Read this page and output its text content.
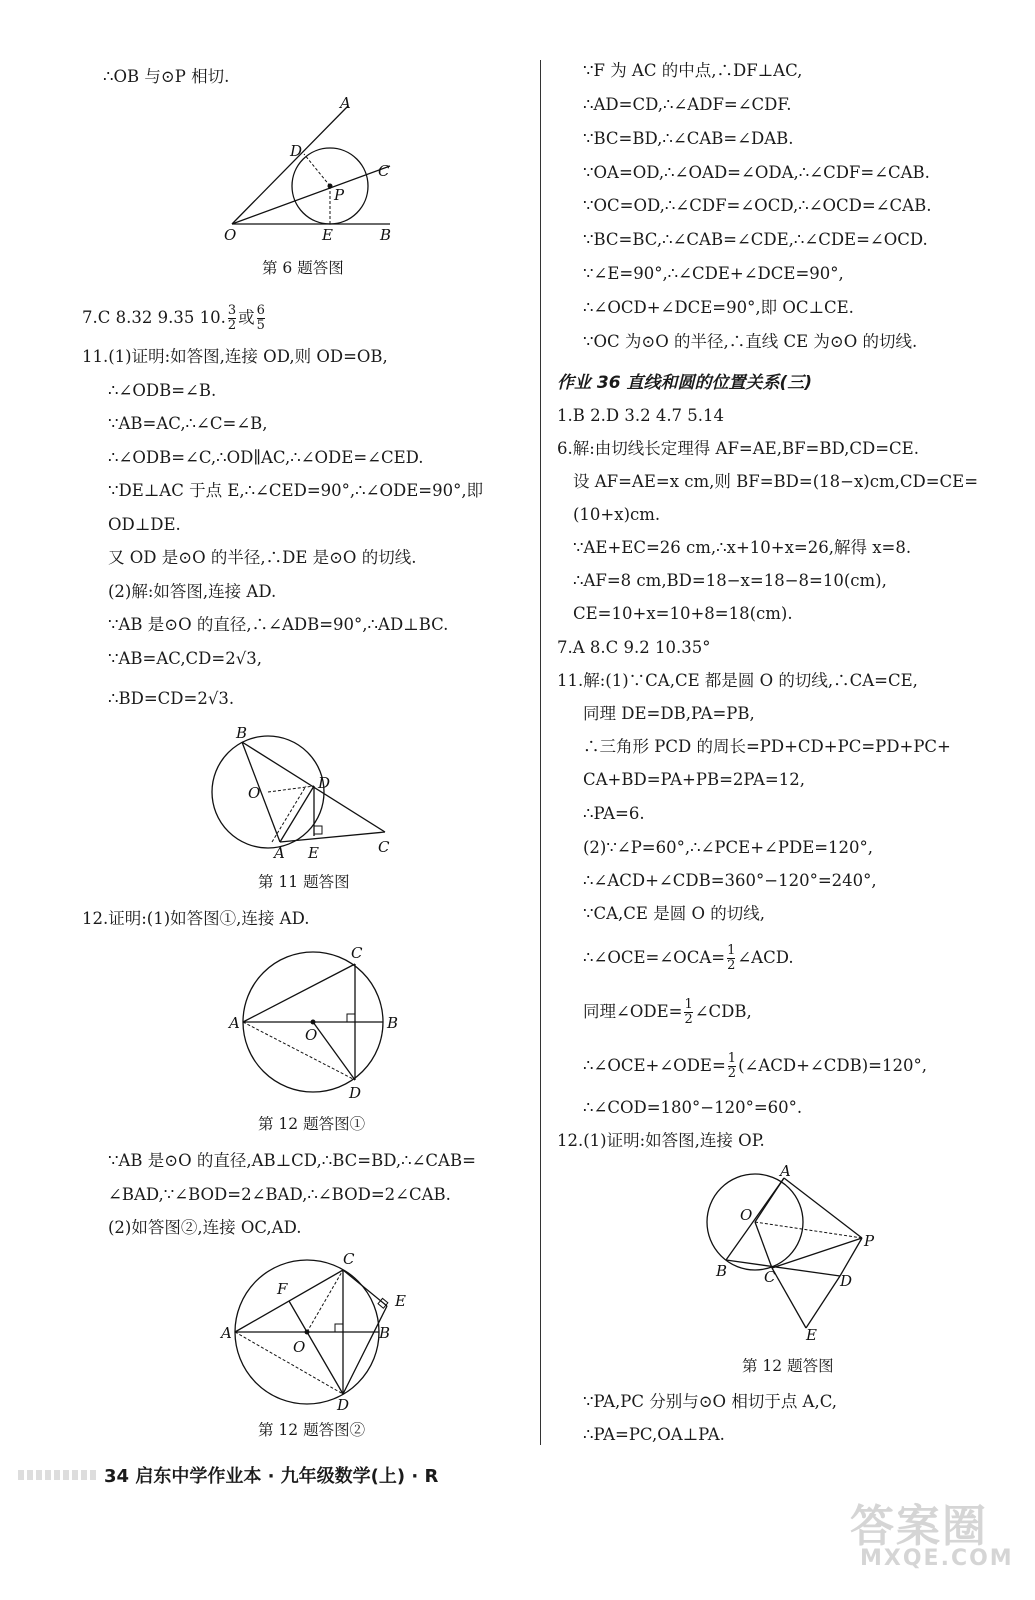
∴OB 与⊙P 相切.
A
D
C
P
O	E	B
第 6 题答图
7.C 8.32 9.35 10. $\frac{3}{2}$ 或 $\frac{6}{5}$
11.(1)证明:如答图,连接 OD,则 OD=OB,
∴∠ODB=∠B.
∵AB=AC,∴∠C=∠B,
∴∠ODB=∠C,∴OD∥AC,∴∠ODE=∠CED.
∵DE⊥AC 于点 E,∴∠CED=90°,∴∠ODE=90°,即
OD⊥DE.
又 OD 是⊙O 的半径,∴DE 是⊙O 的切线.
(2)解:如答图,连接 AD.
∵AB 是⊙O 的直径,∴∠ADB=90°,∴AD⊥BC.
∵AB=AC,CD=2√3,
∴BD=CD=2√3.
B
O
D
A E	C
第 11 题答图
12.证明:(1)如答图①,连接 AD.
C
A
O
B
D
第 12 题答图①
∵AB 是⊙O 的直径,AB⊥CD,∴BC=BD,∴∠CAB=
∠BAD,∵∠BOD=2∠BAD,∴∠BOD=2∠CAB.
(2)如答图②,连接 OC,AD.
C
F
E
A
O
B
D
第 12 题答图②
∵F 为 AC 的中点,∴DF⊥AC,
∴AD=CD,∴∠ADF=∠CDF.
∵BC=BD,∴∠CAB=∠DAB.
∵OA=OD,∴∠OAD=∠ODA,∴∠CDF=∠CAB.
∵OC=OD,∴∠CDF=∠OCD,∴∠OCD=∠CAB.
∵BC=BC,∴∠CAB=∠CDE,∴∠CDE=∠OCD.
∵∠E=90°,∴∠CDE+∠DCE=90°,
∴∠OCD+∠DCE=90°,即 OC⊥CE.
∵OC 为⊙O 的半径,∴直线 CE 为⊙O 的切线.
作业 36 直线和圆的位置关系(三)
1.B 2.D 3.2 4.7 5.14
6.解:由切线长定理得 AF=AE,BF=BD,CD=CE.
设 AF=AE=x cm,则 BF=BD=(18−x)cm,CD=CE=
(10+x)cm.
∵AE+EC=26 cm,∴x+10+x=26,解得 x=8.
∴AF=8 cm,BD=18−x=18−8=10(cm),
CE=10+x=10+8=18(cm).
7.A 8.C 9.2 10.35°
11.解:(1)∵CA,CE 都是圆 O 的切线,∴CA=CE,
同理 DE=DB,PA=PB,
∴三角形 PCD 的周长=PD+CD+PC=PD+PC+
CA+BD=PA+PB=2PA=12,
∴PA=6.
(2)∵∠P=60°,∴∠PCE+∠PDE=120°,
∴∠ACD+∠CDB=360°−120°=240°,
∵CA,CE 是圆 O 的切线,
∴∠OCE=∠OCA= $\frac{1}{2}$ ∠ACD.
同理∠ODE= $\frac{1}{2}$ ∠CDB,
∴∠OCE+∠ODE= $\frac{1}{2}$ (∠ACD+∠CDB)=120°,
∴∠COD=180°−120°=60°.
12.(1)证明:如答图,连接 OP.
A
O
P
B C	D
E
第 12 题答图
∵PA,PC 分别与⊙O 相切于点 A,C,
∴PA=PC,OA⊥PA.
34 启东中学作业本 · 九年级数学(上) · R
答案圈
MXQE.COM
